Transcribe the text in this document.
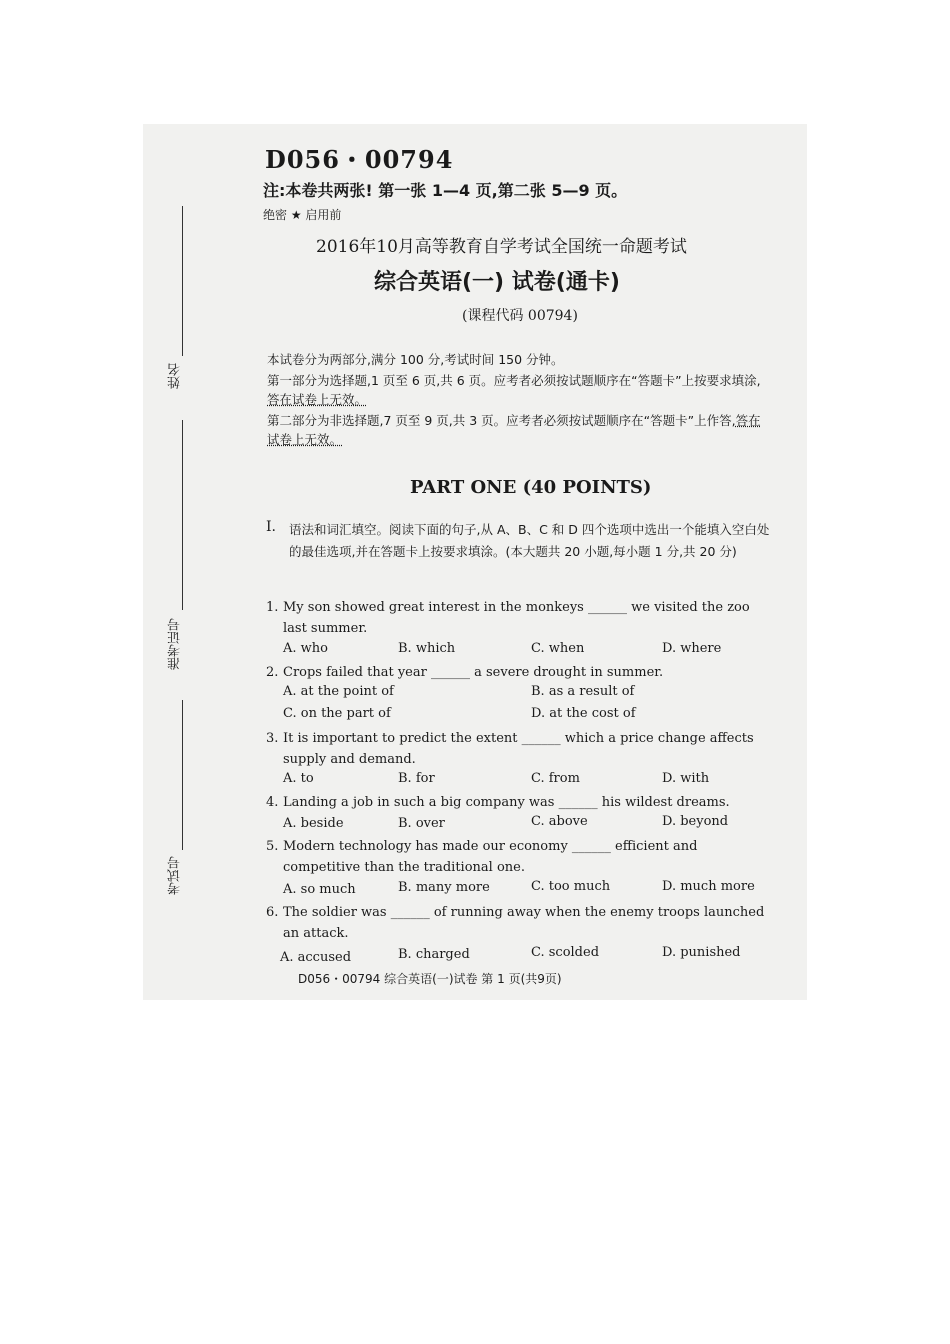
姓名
准考证号
考试号
D056・00794
注:本卷共两张! 第一张 1—4 页,第二张 5—9 页。
绝密 ★ 启用前
2016年10月高等教育自学考试全国统一命题考试
综合英语(一) 试卷(通卡)
(课程代码 00794)
本试卷分为两部分,满分 100 分,考试时间 150 分钟。
第一部分为选择题,1 页至 6 页,共 6 页。应考者必须按试题顺序在“答题卡”上按要求填涂,答在试卷上无效。
第二部分为非选择题,7 页至 9 页,共 3 页。应考者必须按试题顺序在“答题卡”上作答,答在试卷上无效。
PART ONE (40 POINTS)
I. 语法和词汇填空。阅读下面的句子,从 A、B、C 和 D 四个选项中选出一个能填入空白处的最佳选项,并在答题卡上按要求填涂。(本大题共 20 小题,每小题 1 分,共 20 分)
1. My son showed great interest in the monkeys ______ we visited the zoo last summer.
A. who	B. which	C. when	D. where
2. Crops failed that year ______ a severe drought in summer.
A. at the point of	B. as a result of
C. on the part of	D. at the cost of
3. It is important to predict the extent ______ which a price change affects supply and demand.
A. to	B. for	C. from	D. with
4. Landing a job in such a big company was ______ his wildest dreams.
A. beside	B. over	C. above	D. beyond
5. Modern technology has made our economy ______ efficient and competitive than the traditional one.
A. so much	B. many more	C. too much	D. much more
6. The soldier was ______ of running away when the enemy troops launched an attack.
A. accused	B. charged	C. scolded	D. punished
D056・00794 综合英语(一)试卷 第 1 页(共9页)
